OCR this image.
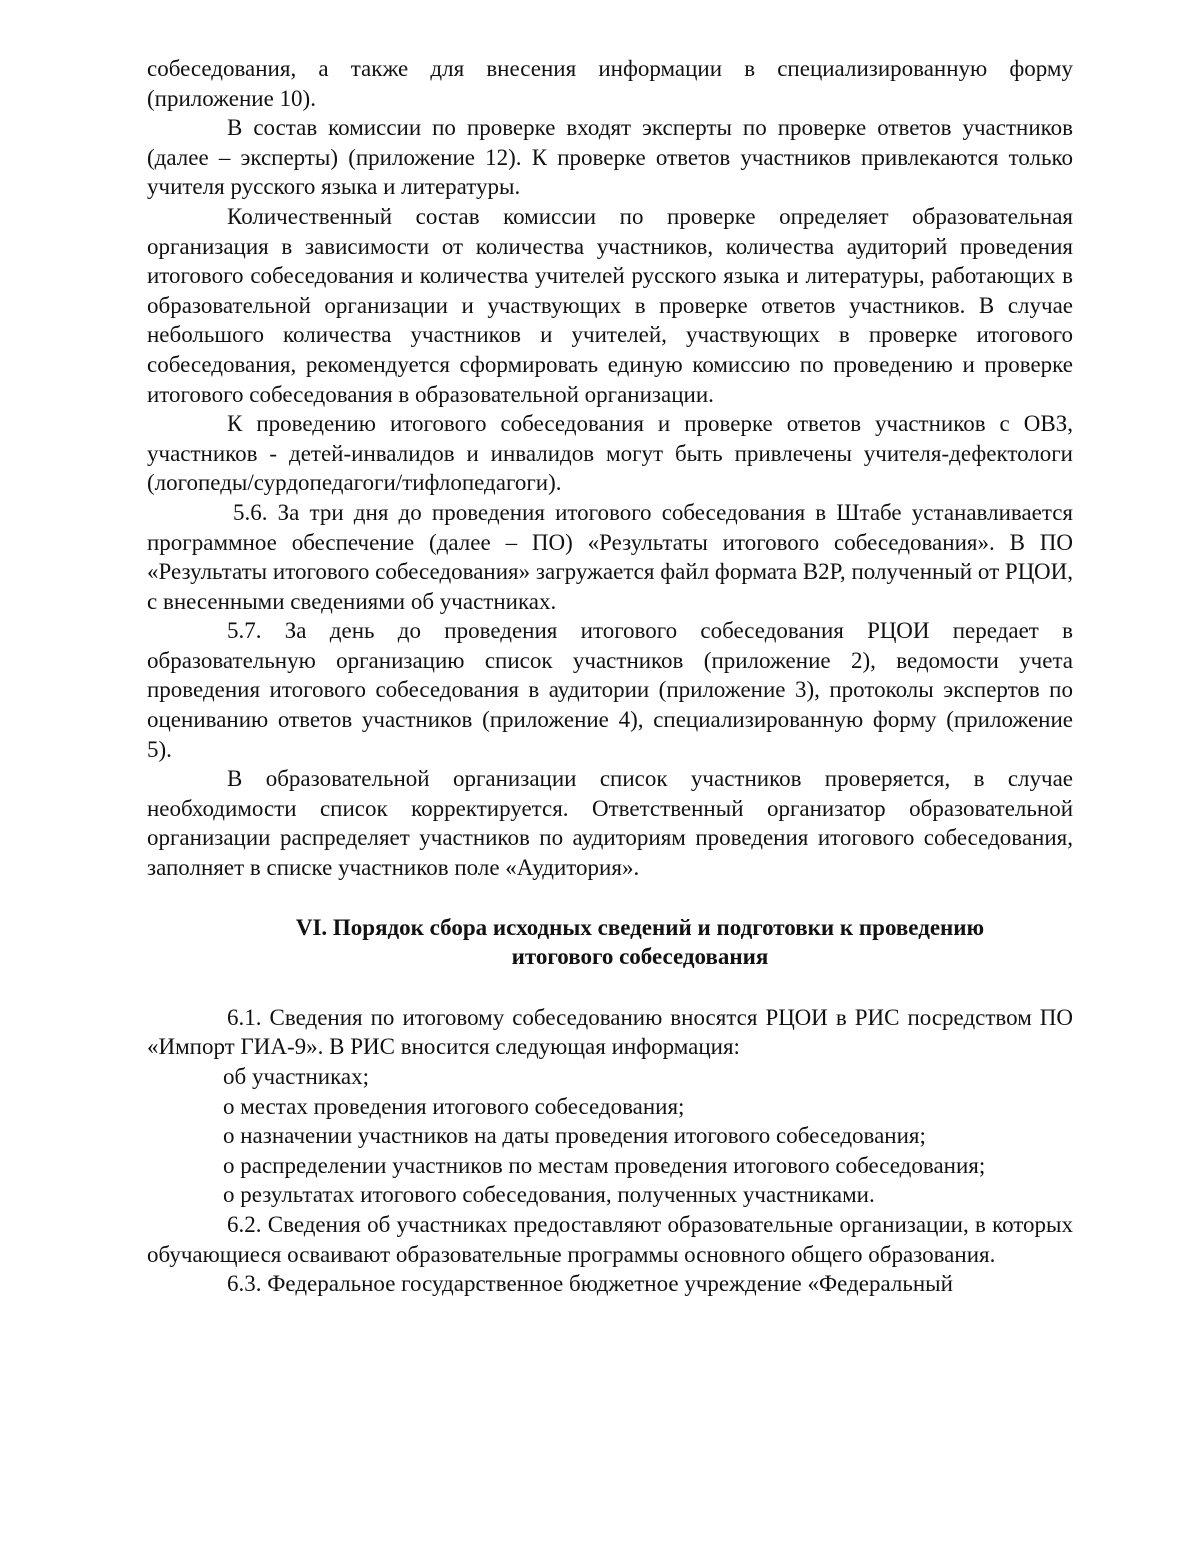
собеседования, а также для внесения информации в специализированную форму (приложение 10).

В состав комиссии по проверке входят эксперты по проверке ответов участников (далее – эксперты) (приложение 12). К проверке ответов участников привлекаются только учителя русского языка и литературы.

Количественный состав комиссии по проверке определяет образовательная организация в зависимости от количества участников, количества аудиторий проведения итогового собеседования и количества учителей русского языка и литературы, работающих в образовательной организации и участвующих в проверке ответов участников. В случае небольшого количества участников и учителей, участвующих в проверке итогового собеседования, рекомендуется сформировать единую комиссию по проведению и проверке итогового собеседования в образовательной организации.

К проведению итогового собеседования и проверке ответов участников с ОВЗ, участников - детей-инвалидов и инвалидов могут быть привлечены учителя-дефектологи (логопеды/сурдопедагоги/тифлопедагоги).

5.6. За три дня до проведения итогового собеседования в Штабе устанавливается программное обеспечение (далее – ПО) «Результаты итогового собеседования». В ПО «Результаты итогового собеседования» загружается файл формата B2P, полученный от РЦОИ, с внесенными сведениями об участниках.

5.7. За день до проведения итогового собеседования РЦОИ передает в образовательную организацию список участников (приложение 2), ведомости учета проведения итогового собеседования в аудитории (приложение 3), протоколы экспертов по оцениванию ответов участников (приложение 4), специализированную форму (приложение 5).

В образовательной организации список участников проверяется, в случае необходимости список корректируется. Ответственный организатор образовательной организации распределяет участников по аудиториям проведения итогового собеседования, заполняет в списке участников поле «Аудитория».

VI. Порядок сбора исходных сведений и подготовки к проведению
итогового собеседования

6.1. Сведения по итоговому собеседованию вносятся РЦОИ в РИС посредством ПО «Импорт ГИА-9». В РИС вносится следующая информация:

об участниках;

о местах проведения итогового собеседования;

о назначении участников на даты проведения итогового собеседования;

о распределении участников по местам проведения итогового собеседования;

о результатах итогового собеседования, полученных участниками.

6.2. Сведения об участниках предоставляют образовательные организации, в которых обучающиеся осваивают образовательные программы основного общего образования.

6.3. Федеральное государственное бюджетное учреждение «Федеральный
